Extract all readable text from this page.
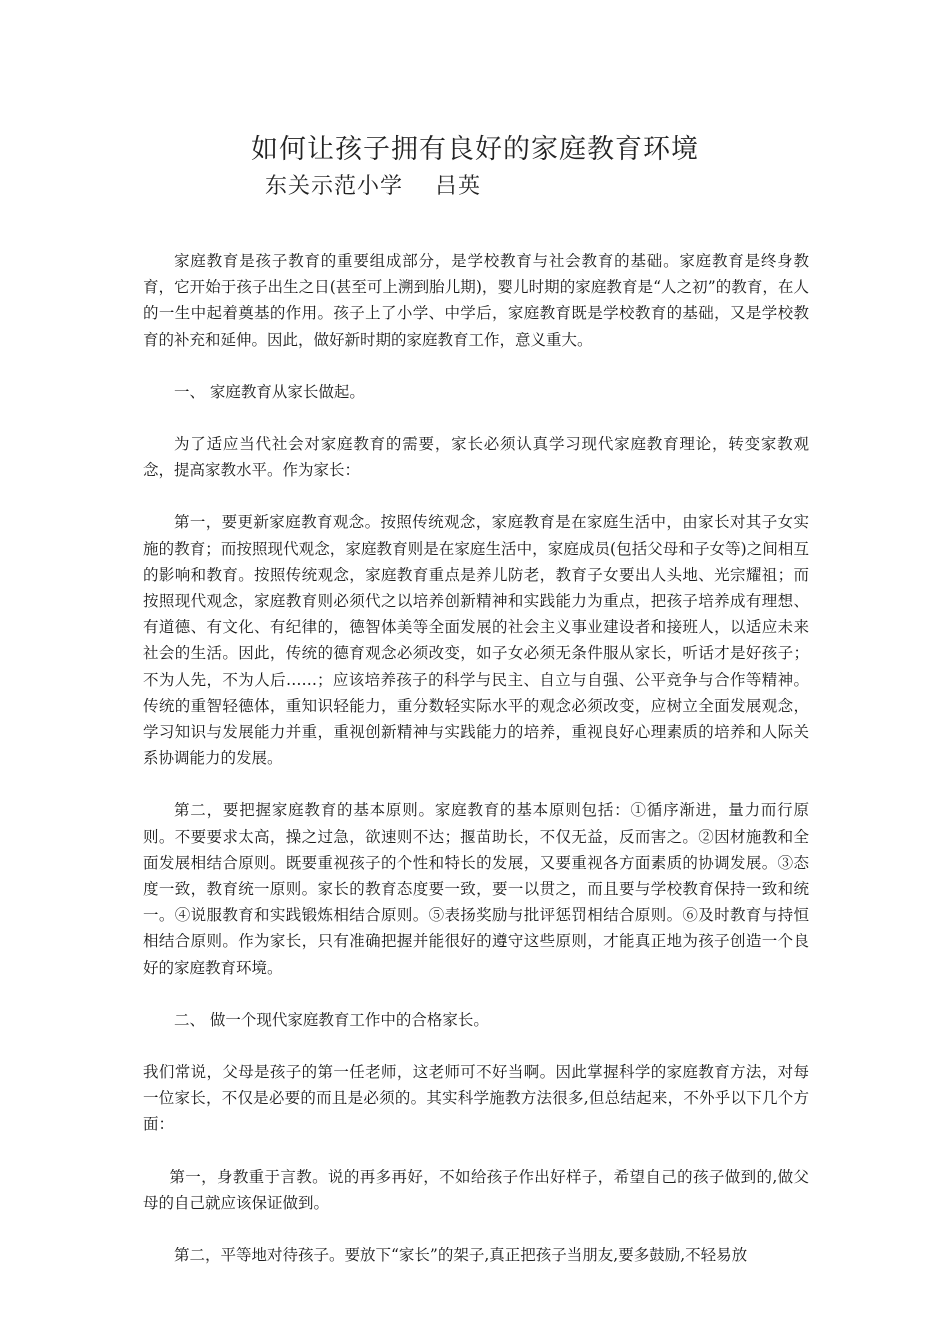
如何让孩子拥有良好的家庭教育环境
东关示范小学    吕英

家庭教育是孩子教育的重要组成部分，是学校教育与社会教育的基础。家庭教育是终身教育，它开始于孩子出生之日(甚至可上溯到胎儿期)，婴儿时期的家庭教育是“人之初”的教育，在人的一生中起着奠基的作用。孩子上了小学、中学后，家庭教育既是学校教育的基础，又是学校教育的补充和延伸。因此，做好新时期的家庭教育工作，意义重大。

一、 家庭教育从家长做起。

为了适应当代社会对家庭教育的需要，家长必须认真学习现代家庭教育理论，转变家教观念，提高家教水平。作为家长：

第一，要更新家庭教育观念。按照传统观念，家庭教育是在家庭生活中，由家长对其子女实施的教育；而按照现代观念，家庭教育则是在家庭生活中，家庭成员(包括父母和子女等)之间相互的影响和教育。按照传统观念，家庭教育重点是养儿防老，教育子女要出人头地、光宗耀祖；而按照现代观念，家庭教育则必须代之以培养创新精神和实践能力为重点，把孩子培养成有理想、有道德、有文化、有纪律的，德智体美等全面发展的社会主义事业建设者和接班人，以适应未来社会的生活。因此，传统的德育观念必须改变，如子女必须无条件服从家长，听话才是好孩子；不为人先，不为人后……；应该培养孩子的科学与民主、自立与自强、公平竞争与合作等精神。传统的重智轻德体，重知识轻能力，重分数轻实际水平的观念必须改变，应树立全面发展观念，学习知识与发展能力并重，重视创新精神与实践能力的培养，重视良好心理素质的培养和人际关系协调能力的发展。

第二，要把握家庭教育的基本原则。家庭教育的基本原则包括：①循序渐进，量力而行原则。不要要求太高，操之过急，欲速则不达；揠苗助长，不仅无益，反而害之。②因材施教和全面发展相结合原则。既要重视孩子的个性和特长的发展，又要重视各方面素质的协调发展。③态度一致，教育统一原则。家长的教育态度要一致，要一以贯之，而且要与学校教育保持一致和统一。④说服教育和实践锻炼相结合原则。⑤表扬奖励与批评惩罚相结合原则。⑥及时教育与持恒相结合原则。作为家长，只有准确把握并能很好的遵守这些原则，才能真正地为孩子创造一个良好的家庭教育环境。

二、 做一个现代家庭教育工作中的合格家长。

我们常说，父母是孩子的第一任老师，这老师可不好当啊。因此掌握科学的家庭教育方法，对每一位家长，不仅是必要的而且是必须的。其实科学施教方法很多,但总结起来，不外乎以下几个方面：

第一，身教重于言教。说的再多再好，不如给孩子作出好样子，希望自己的孩子做到的,做父母的自己就应该保证做到。

第二，平等地对待孩子。要放下“家长”的架子,真正把孩子当朋友,要多鼓励,不轻易放
